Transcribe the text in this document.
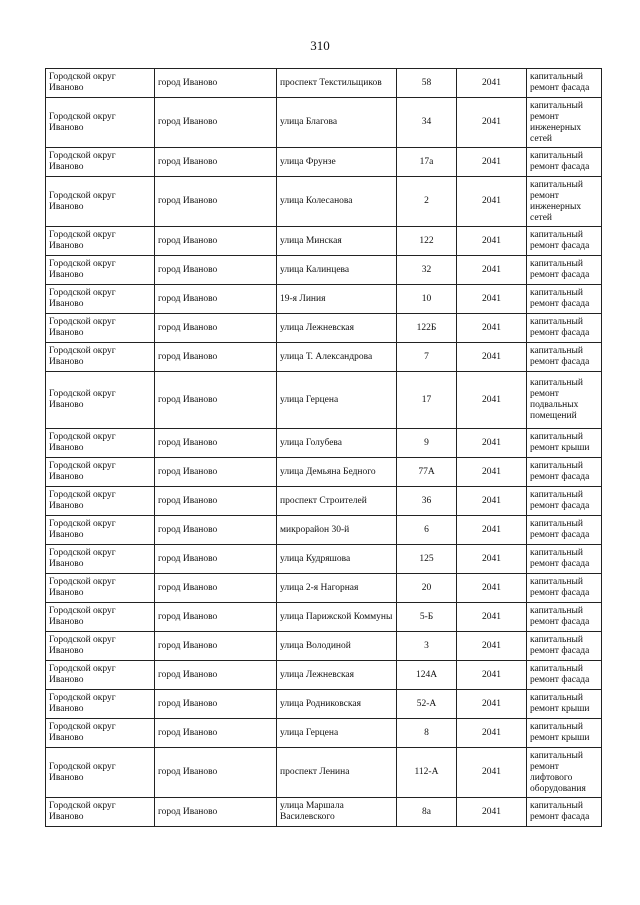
310
Городской округ Иваново	город Иваново	проспект Текстильщиков	58	2041	капитальный ремонт фасада
Городской округ Иваново	город Иваново	улица Благова	34	2041	капитальный ремонт инженерных сетей
Городской округ Иваново	город Иваново	улица Фрунзе	17а	2041	капитальный ремонт фасада
Городской округ Иваново	город Иваново	улица Колесанова	2	2041	капитальный ремонт инженерных сетей
Городской округ Иваново	город Иваново	улица Минская	122	2041	капитальный ремонт фасада
Городской округ Иваново	город Иваново	улица Калинцева	32	2041	капитальный ремонт фасада
Городской округ Иваново	город Иваново	19-я Линия	10	2041	капитальный ремонт фасада
Городской округ Иваново	город Иваново	улица Лежневская	122Б	2041	капитальный ремонт фасада
Городской округ Иваново	город Иваново	улица Т. Александрова	7	2041	капитальный ремонт фасада
Городской округ Иваново	город Иваново	улица Герцена	17	2041	капитальный ремонт подвальных помещений
Городской округ Иваново	город Иваново	улица Голубева	9	2041	капитальный ремонт крыши
Городской округ Иваново	город Иваново	улица Демьяна Бедного	77А	2041	капитальный ремонт фасада
Городской округ Иваново	город Иваново	проспект Строителей	36	2041	капитальный ремонт фасада
Городской округ Иваново	город Иваново	микрорайон 30-й	6	2041	капитальный ремонт фасада
Городской округ Иваново	город Иваново	улица Кудряшова	125	2041	капитальный ремонт фасада
Городской округ Иваново	город Иваново	улица 2-я Нагорная	20	2041	капитальный ремонт фасада
Городской округ Иваново	город Иваново	улица Парижской Коммуны	5-Б	2041	капитальный ремонт фасада
Городской округ Иваново	город Иваново	улица Володиной	3	2041	капитальный ремонт фасада
Городской округ Иваново	город Иваново	улица Лежневская	124А	2041	капитальный ремонт фасада
Городской округ Иваново	город Иваново	улица Родниковская	52-А	2041	капитальный ремонт крыши
Городской округ Иваново	город Иваново	улица Герцена	8	2041	капитальный ремонт крыши
Городской округ Иваново	город Иваново	проспект Ленина	112-А	2041	капитальный ремонт лифтового оборудования
Городской округ Иваново	город Иваново	улица Маршала Василевского	8а	2041	капитальный ремонт фасада
